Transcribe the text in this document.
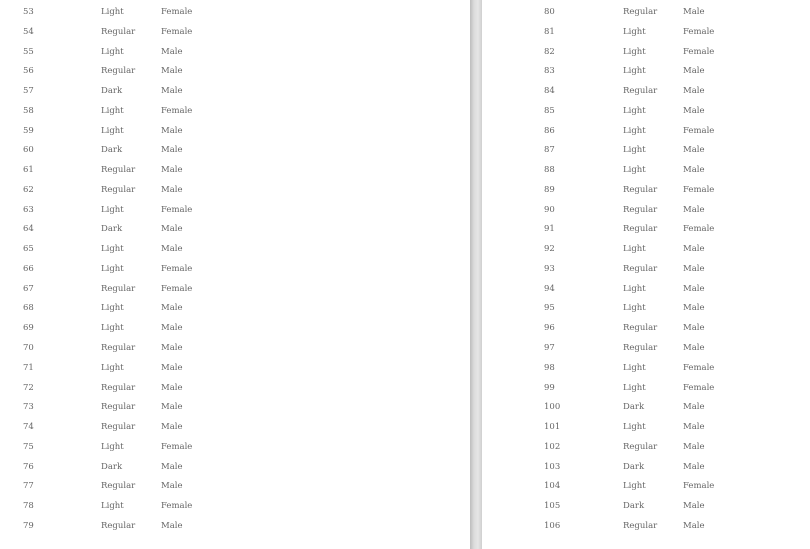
53	Light	Female
54	Regular	Female
55	Light	Male
56	Regular	Male
57	Dark	Male
58	Light	Female
59	Light	Male
60	Dark	Male
61	Regular	Male
62	Regular	Male
63	Light	Female
64	Dark	Male
65	Light	Male
66	Light	Female
67	Regular	Female
68	Light	Male
69	Light	Male
70	Regular	Male
71	Light	Male
72	Regular	Male
73	Regular	Male
74	Regular	Male
75	Light	Female
76	Dark	Male
77	Regular	Male
78	Light	Female
79	Regular	Male
80	Regular	Male
81	Light	Female
82	Light	Female
83	Light	Male
84	Regular	Male
85	Light	Male
86	Light	Female
87	Light	Male
88	Light	Male
89	Regular	Female
90	Regular	Male
91	Regular	Female
92	Light	Male
93	Regular	Male
94	Light	Male
95	Light	Male
96	Regular	Male
97	Regular	Male
98	Light	Female
99	Light	Female
100	Dark	Male
101	Light	Male
102	Regular	Male
103	Dark	Male
104	Light	Female
105	Dark	Male
106	Regular	Male
